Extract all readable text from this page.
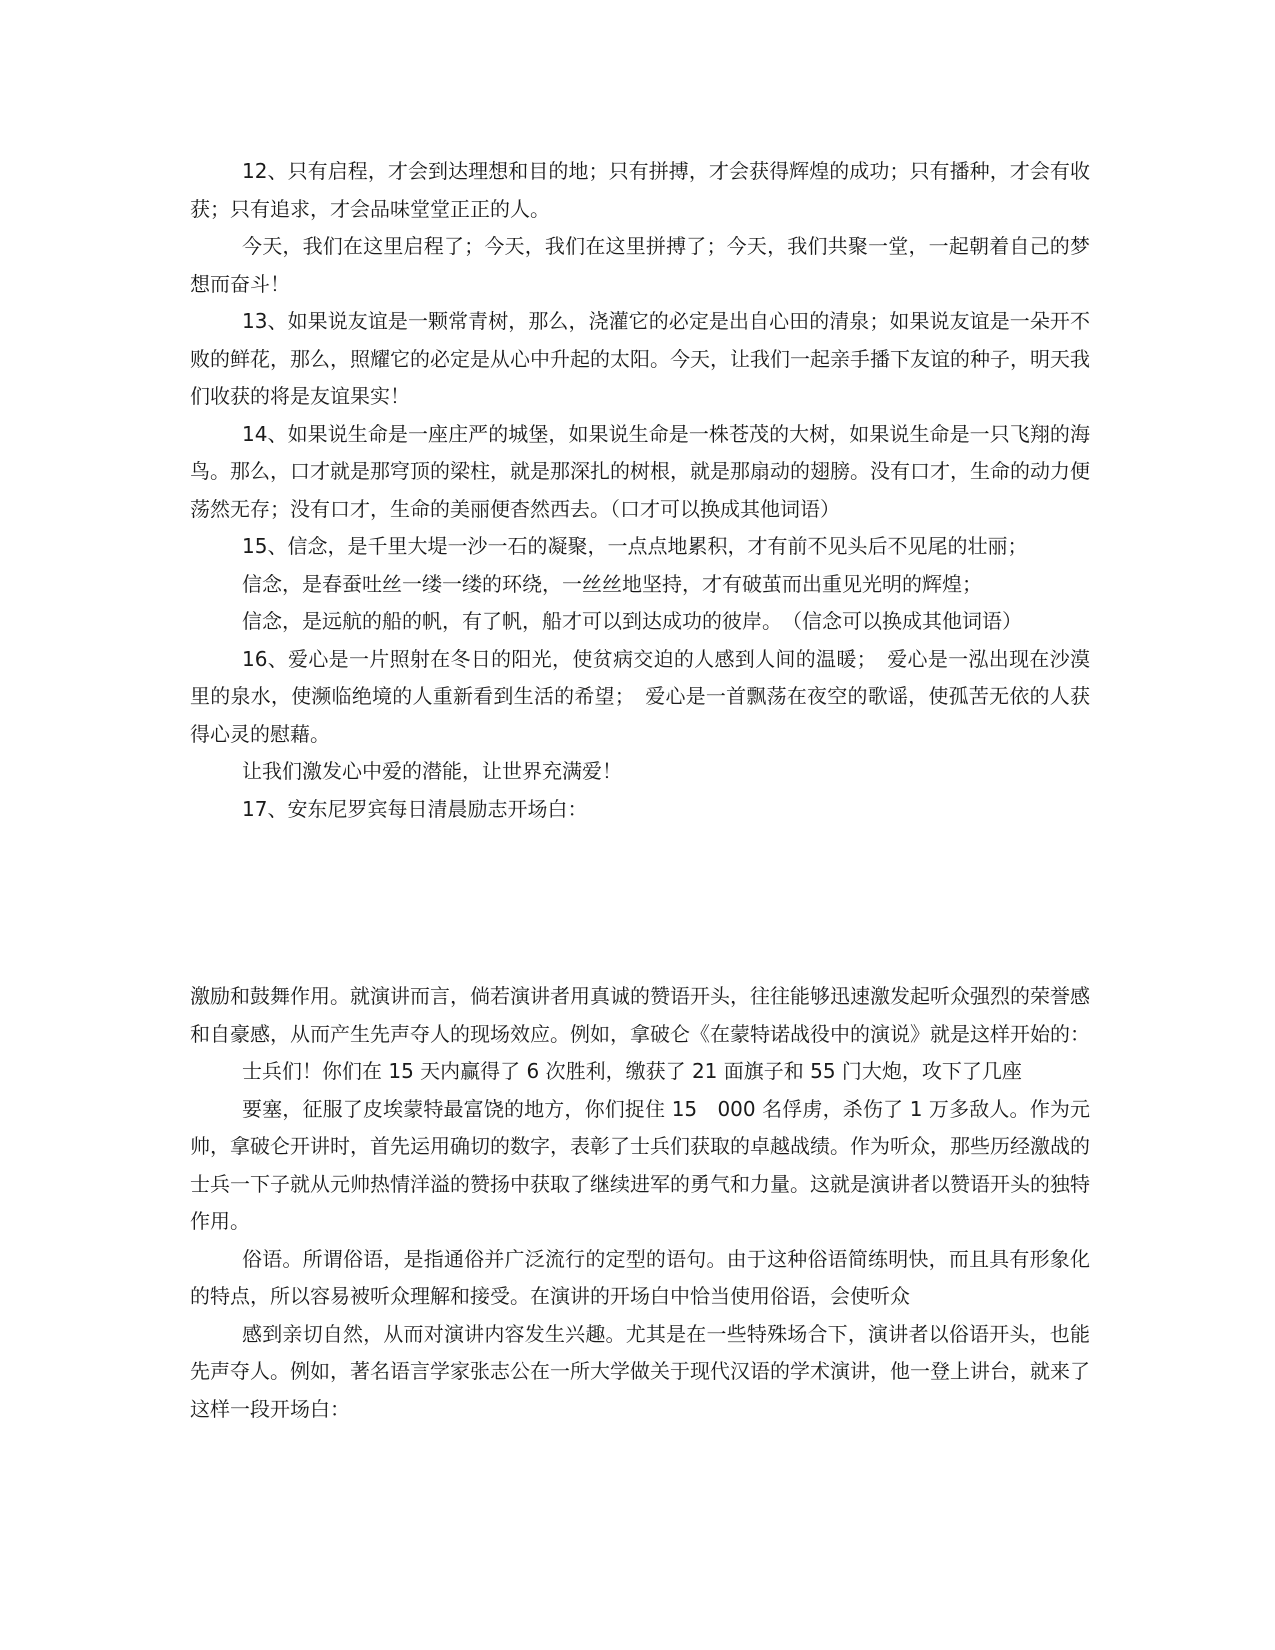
12、只有启程，才会到达理想和目的地；只有拼搏，才会获得辉煌的成功；只有播种，才会有收获；只有追求，才会品味堂堂正正的人。

今天，我们在这里启程了；今天，我们在这里拼搏了；今天，我们共聚一堂，一起朝着自己的梦想而奋斗！

13、如果说友谊是一颗常青树，那么，浇灌它的必定是出自心田的清泉；如果说友谊是一朵开不败的鲜花，那么，照耀它的必定是从心中升起的太阳。今天，让我们一起亲手播下友谊的种子，明天我们收获的将是友谊果实！

14、如果说生命是一座庄严的城堡，如果说生命是一株苍茂的大树，如果说生命是一只飞翔的海鸟。那么，口才就是那穹顶的梁柱，就是那深扎的树根，就是那扇动的翅膀。没有口才，生命的动力便荡然无存；没有口才，生命的美丽便杳然西去。（口才可以换成其他词语）

15、信念，是千里大堤一沙一石的凝聚，一点点地累积，才有前不见头后不见尾的壮丽；

信念，是春蚕吐丝一缕一缕的环绕，一丝丝地坚持，才有破茧而出重见光明的辉煌；

信念，是远航的船的帆，有了帆，船才可以到达成功的彼岸。　（信念可以换成其他词语）

16、爱心是一片照射在冬日的阳光，使贫病交迫的人感到人间的温暖；　爱心是一泓出现在沙漠里的泉水，使濒临绝境的人重新看到生活的希望；　爱心是一首飘荡在夜空的歌谣，使孤苦无依的人获得心灵的慰藉。

让我们激发心中爱的潜能，让世界充满爱！

17、安东尼罗宾每日清晨励志开场白：

激励和鼓舞作用。就演讲而言，倘若演讲者用真诚的赞语开头，往往能够迅速激发起听众强烈的荣誉感和自豪感，从而产生先声夺人的现场效应。例如，拿破仑《在蒙特诺战役中的演说》就是这样开始的：

士兵们！你们在 15 天内赢得了 6 次胜利，缴获了 21 面旗子和 55 门大炮，攻下了几座

要塞，征服了皮埃蒙特最富饶的地方，你们捉住 15　000 名俘虏，杀伤了 1 万多敌人。作为元帅，拿破仑开讲时，首先运用确切的数字，表彰了士兵们获取的卓越战绩。作为听众，那些历经激战的士兵一下子就从元帅热情洋溢的赞扬中获取了继续进军的勇气和力量。这就是演讲者以赞语开头的独特作用。

俗语。所谓俗语，是指通俗并广泛流行的定型的语句。由于这种俗语简练明快，而且具有形象化的特点，所以容易被听众理解和接受。在演讲的开场白中恰当使用俗语，会使听众

感到亲切自然，从而对演讲内容发生兴趣。尤其是在一些特殊场合下，演讲者以俗语开头，也能先声夺人。例如，著名语言学家张志公在一所大学做关于现代汉语的学术演讲，他一登上讲台，就来了这样一段开场白：
